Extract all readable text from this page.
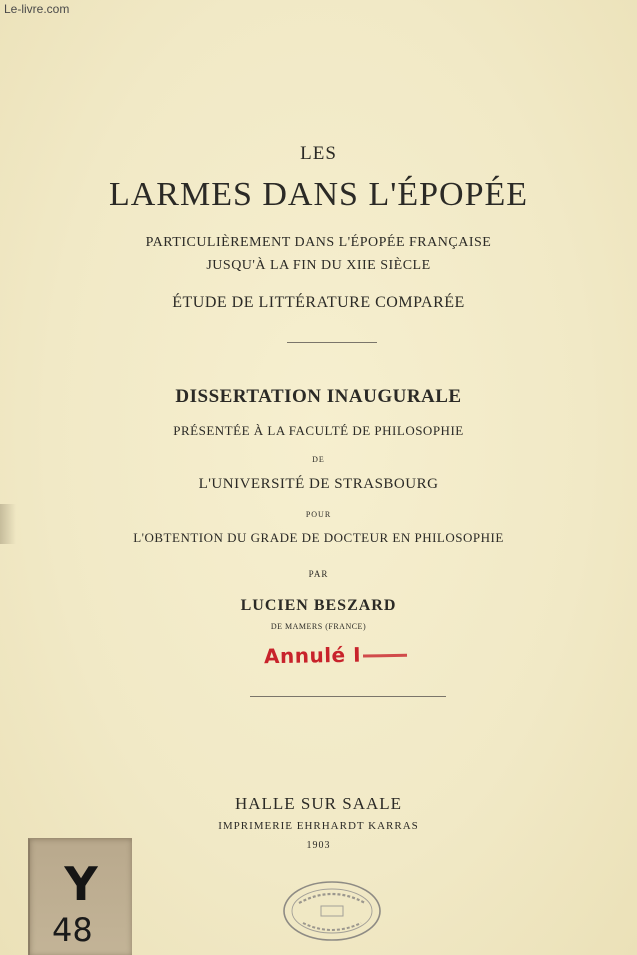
Le-livre.com
LES
LARMES DANS L'ÉPOPÉE
PARTICULIÈREMENT DANS L'ÉPOPÉE FRANÇAISE
JUSQU'À LA FIN DU XIIE SIÈCLE
ÉTUDE DE LITTÉRATURE COMPARÉE
DISSERTATION INAUGURALE
PRÉSENTÉE À LA FACULTÉ DE PHILOSOPHIE
DE
L'UNIVERSITÉ DE STRASBOURG
POUR
L'OBTENTION DU GRADE DE DOCTEUR EN PHILOSOPHIE
PAR
LUCIEN BESZARD
DE MAMERS (FRANCE)
Annulé I
HALLE SUR SAALE
IMPRIMERIE EHRHARDT KARRAS
1903
Y
48
